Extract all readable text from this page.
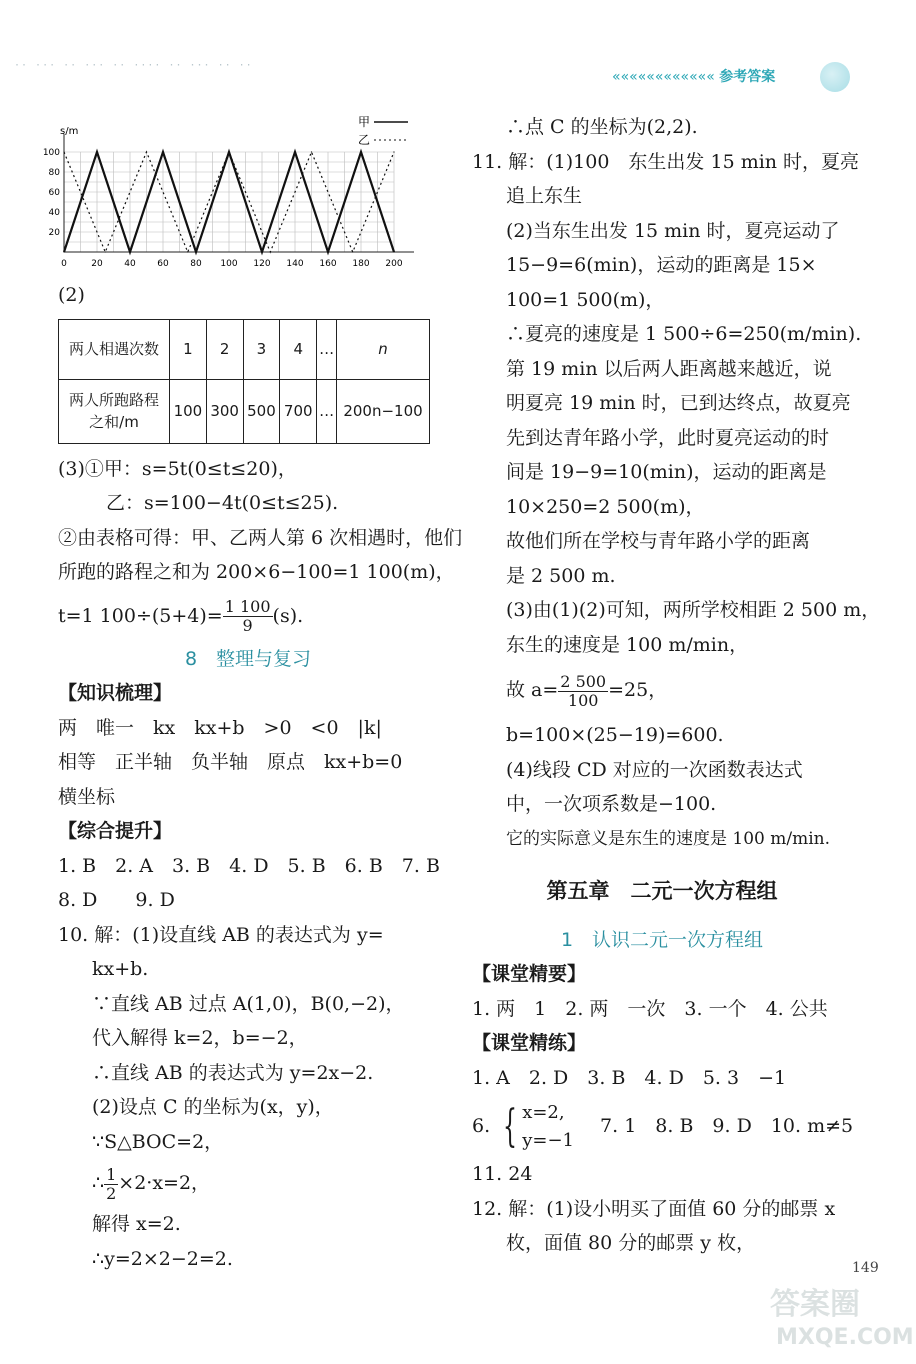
·· ··· ·· ··· ·· ···· ·· ··· ·· ··
«««««««««««« 参考答案
0	20 40 60 80 100 120 140 160 180 200
20
40
60
80
100
s/m
甲
乙
(2)
两人相遇次数	1	2	3	4	…	n
两人所跑路程
之和/m	100	300	500	700	…	200n−100
(3)①甲：s=5t(0≤t≤20)，
乙：s=100−4t(0≤t≤25).
②由表格可得：甲、乙两人第 6 次相遇时，他们
所跑的路程之和为 200×6−100=1 100(m)，
t=1 $100\div(5+4)= \frac{1 100}{9} (s)$.
8　整理与复习
【知识梳理】
两　唯一　kx　kx+b　>0　<0　|k|
相等　正半轴　负半轴　原点　kx+b=0
横坐标
【综合提升】
1. B　2. A　3. B　4. D　5. B　6. B　7. B
8. D　　9. D
10. 解：(1)设直线 AB 的表达式为 y=
kx+b.
∵直线 AB 过点 A(1,0)，B(0,−2)，
代入解得 k=2，b=−2，
∴直线 AB 的表达式为 y=2x−2.
(2)设点 C 的坐标为(x，y)，
∵S△BOC=2，
∴ $\frac{1}{2} \times 2\cdot x=2$，
解得 x=2.
∴y=2×2−2=2.
∴点 C 的坐标为(2,2).
11. 解：(1)100　东生出发 15 min 时，夏亮
追上东生
(2)当东生出发 15 min 时，夏亮运动了
15−9=6(min)，运动的距离是 15×
100=1 500(m)，
∴夏亮的速度是 1 500÷6=250(m/min).
第 19 min 以后两人距离越来越近，说
明夏亮 19 min 时，已到达终点，故夏亮
先到达青年路小学，此时夏亮运动的时
间是 19−9=10(min)，运动的距离是
10×250=2 500(m)，
故他们所在学校与青年路小学的距离
是 2 500 m.
(3)由(1)(2)可知，两所学校相距 2 500 m，
东生的速度是 100 m/min，
故 $a= \frac{2 500}{100} =25$，
b=100×(25−19)=600.
(4)线段 CD 对应的一次函数表达式
中，一次项系数是−100.
它的实际意义是东生的速度是 100 m/min.
第五章　二元一次方程组
1　认识二元一次方程组
【课堂精要】
1. 两　1　2. 两　一次　3. 一个　4. 公共
【课堂精练】
1. A　2. D　3. B　4. D　5. 3　−1
6. { x=2,
y=−1
7. 1　8. B　9. D　10. m≠5
11. 24
12. 解：(1)设小明买了面值 60 分的邮票 x
枚，面值 80 分的邮票 y 枚，
149
答案圈
MXQE.COM
